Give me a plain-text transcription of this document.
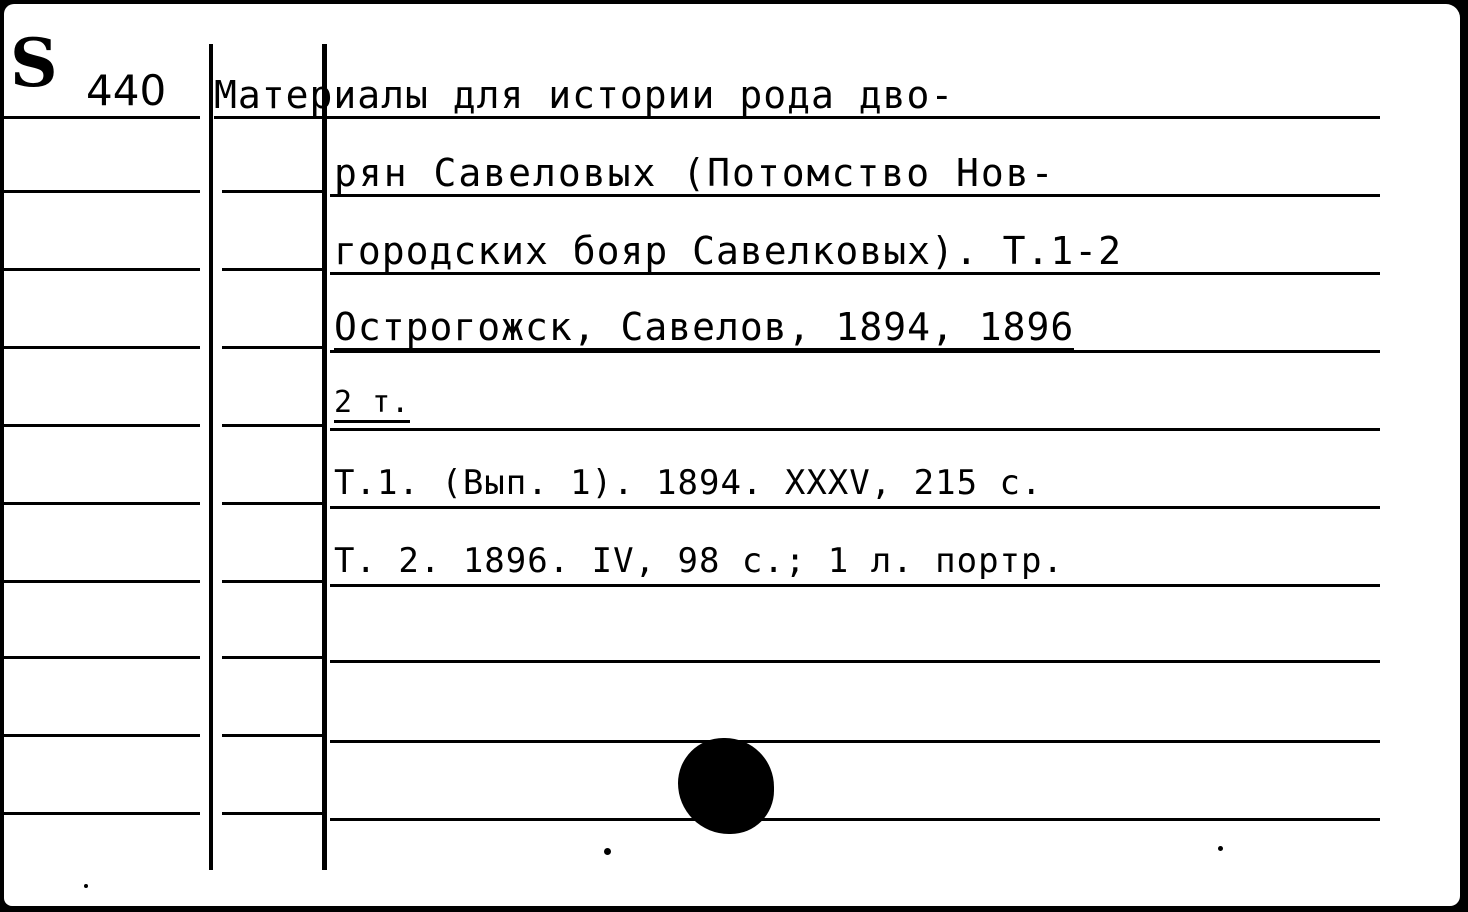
S 440 Материалы для истории рода дво-
рян Савеловых (Потомство Нов-
городских бояр Савелковых). Т.1-2
Острогожск, Савелов, 1894, 1896
2 т.
Т.1. (Вып. 1). 1894. XXXV, 215 с.
Т. 2. 1896. IV, 98 с.; 1 л. портр.
